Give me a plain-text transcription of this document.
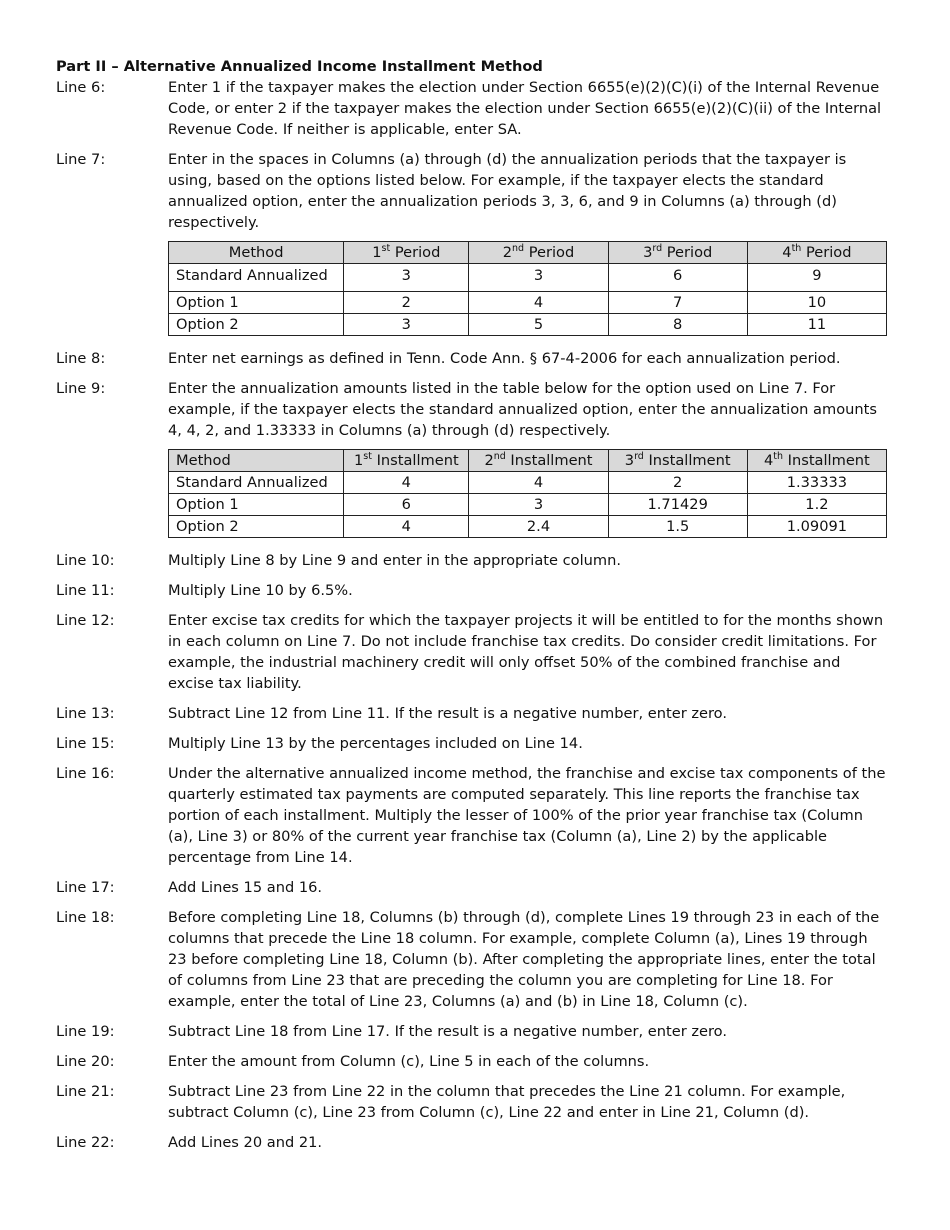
Part II – Alternative Annualized Income Installment Method

Line 6:	Enter 1 if the taxpayer makes the election under Section 6655(e)(2)(C)(i) of the Internal Revenue Code, or enter 2 if the taxpayer makes the election under Section 6655(e)(2)(C)(ii) of the Internal Revenue Code. If neither is applicable, enter SA.
Line 7:	Enter in the spaces in Columns (a) through (d) the annualization periods that the taxpayer is using, based on the options listed below. For example, if the taxpayer elects the standard annualized option, enter the annualization periods 3, 3, 6, and 9 in Columns (a) through (d) respectively.
Method	1st Period	2nd Period	3rd Period	4th Period
Standard Annualized	3	3	6	9
Option 1	2	4	7	10
Option 2	3	5	8	11
Line 8:	Enter net earnings as defined in Tenn. Code Ann. § 67-4-2006 for each annualization period.
Line 9:	Enter the annualization amounts listed in the table below for the option used on Line 7. For example, if the taxpayer elects the standard annualized option, enter the annualization amounts 4, 4, 2, and 1.33333 in Columns (a) through (d) respectively.
Method	1st Installment	2nd Installment	3rd Installment	4th Installment
Standard Annualized	4	4	2	1.33333
Option 1	6	3	1.71429	1.2
Option 2	4	2.4	1.5	1.09091
Line 10:	Multiply Line 8 by Line 9 and enter in the appropriate column.
Line 11:	Multiply Line 10 by 6.5%.
Line 12:	Enter excise tax credits for which the taxpayer projects it will be entitled to for the months shown in each column on Line 7. Do not include franchise tax credits. Do consider credit limitations. For example, the industrial machinery credit will only offset 50% of the combined franchise and excise tax liability.
Line 13:	Subtract Line 12 from Line 11. If the result is a negative number, enter zero.
Line 15:	Multiply Line 13 by the percentages included on Line 14.
Line 16:	Under the alternative annualized income method, the franchise and excise tax components of the quarterly estimated tax payments are computed separately. This line reports the franchise tax portion of each installment. Multiply the lesser of 100% of the prior year franchise tax (Column (a), Line 3) or 80% of the current year franchise tax (Column (a), Line 2) by the applicable percentage from Line 14.
Line 17:	Add Lines 15 and 16.
Line 18:	Before completing Line 18, Columns (b) through (d), complete Lines 19 through 23 in each of the columns that precede the Line 18 column. For example, complete Column (a), Lines 19 through 23 before completing Line 18, Column (b). After completing the appropriate lines, enter the total of columns from Line 23 that are preceding the column you are completing for Line 18. For example, enter the total of Line 23, Columns (a) and (b) in Line 18, Column (c).
Line 19:	Subtract Line 18 from Line 17. If the result is a negative number, enter zero.
Line 20:	Enter the amount from Column (c), Line 5 in each of the columns.
Line 21:	Subtract Line 23 from Line 22 in the column that precedes the Line 21 column. For example, subtract Column (c), Line 23 from Column (c), Line 22 and enter in Line 21, Column (d).
Line 22:	Add Lines 20 and 21.
